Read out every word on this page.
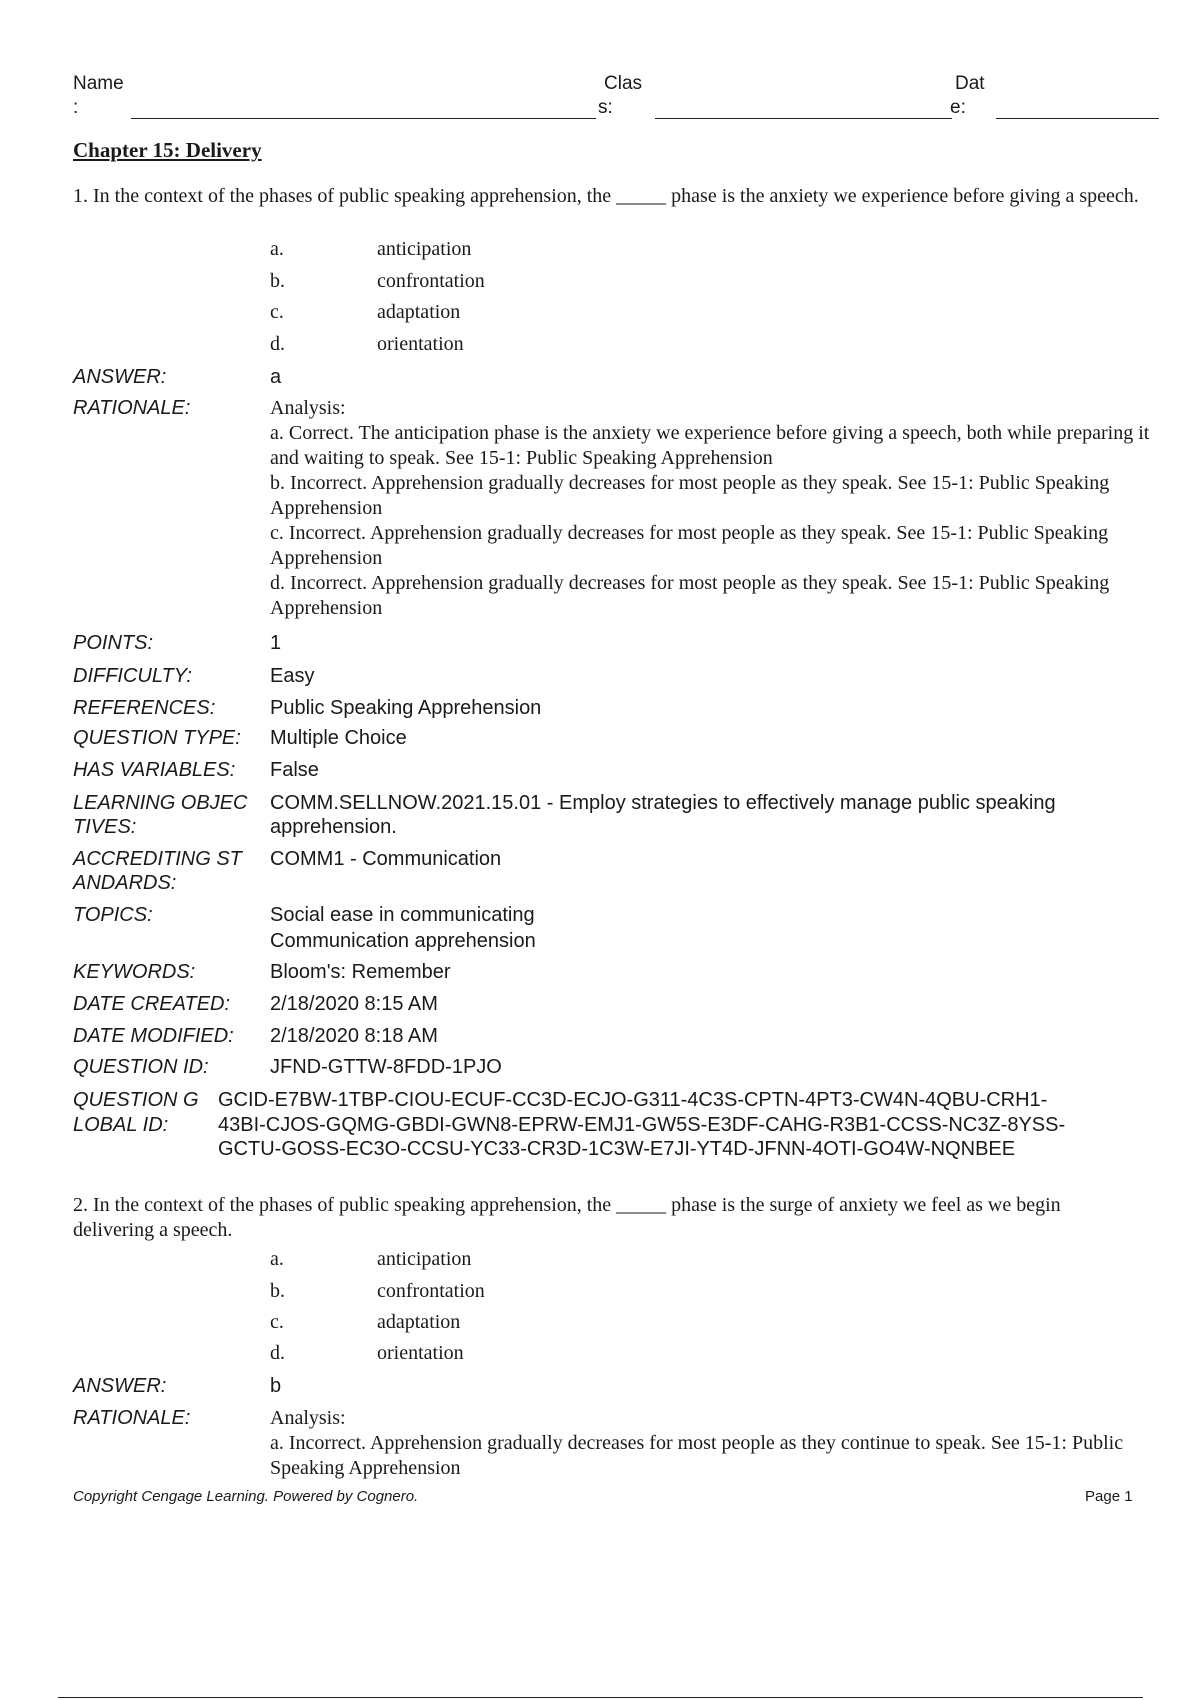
Name
:
Clas
s:
Dat
e:
Chapter 15: Delivery
1. In the context of the phases of public speaking apprehension, the _____ phase is the anxiety we experience before giving a speech.
a.	anticipation
b.	confrontation
c.	adaptation
d.	orientation
ANSWER:	a
RATIONALE:	Analysis:

a. Correct. The anticipation phase is the anxiety we experience before giving a speech, both while preparing it and waiting to speak. See 15-1: Public Speaking Apprehension

b. Incorrect. Apprehension gradually decreases for most people as they speak. See 15-1: Public Speaking Apprehension

c. Incorrect. Apprehension gradually decreases for most people as they speak. See 15-1: Public Speaking Apprehension

d. Incorrect. Apprehension gradually decreases for most people as they speak. See 15-1: Public Speaking Apprehension

POINTS:	1
DIFFICULTY:	Easy
REFERENCES:	Public Speaking Apprehension
QUESTION TYPE: Multiple Choice
HAS VARIABLES: False
LEARNING OBJEC
TIVES:
COMM.SELLNOW.2021.15.01 - Employ strategies to effectively manage public speaking
apprehension.
ACCREDITING ST
ANDARDS:
COMM1 - Communication
TOPICS:	Social ease in communicating
Communication apprehension
KEYWORDS:	Bloom's: Remember
DATE CREATED: 2/18/2020 8:15 AM
DATE MODIFIED: 2/18/2020 8:18 AM
QUESTION ID:	JFND-GTTW-8FDD-1PJO
QUESTION G
LOBAL ID:
GCID-E7BW-1TBP-CIOU-ECUF-CC3D-ECJO-G311-4C3S-CPTN-4PT3-CW4N-4QBU-CRH1-
43BI-CJOS-GQMG-GBDI-GWN8-EPRW-EMJ1-GW5S-E3DF-CAHG-R3B1-CCSS-NC3Z-8YSS-
GCTU-GOSS-EC3O-CCSU-YC33-CR3D-1C3W-E7JI-YT4D-JFNN-4OTI-GO4W-NQNBEE
2. In the context of the phases of public speaking apprehension, the _____ phase is the surge of anxiety we feel as we begin delivering a speech.
a.	anticipation
b.	confrontation
c.	adaptation
d.	orientation
ANSWER:	b
RATIONALE:	Analysis:

a. Incorrect. Apprehension gradually decreases for most people as they continue to speak. See 15-1: Public Speaking Apprehension

Copyright Cengage Learning. Powered by Cognero.	Page 1
